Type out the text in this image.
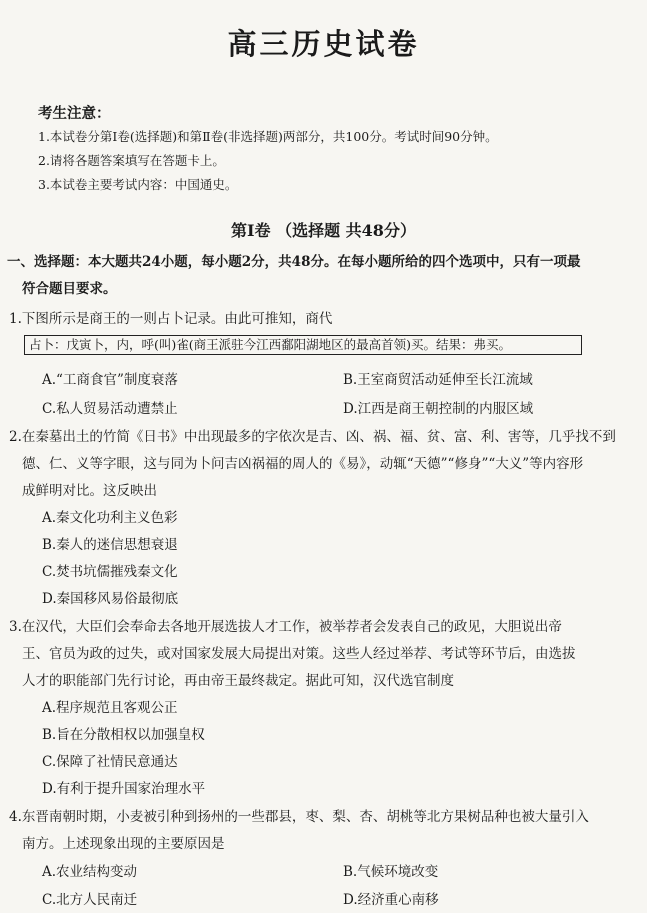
高三历史试卷
考生注意：
1.本试卷分第Ⅰ卷(选择题)和第Ⅱ卷(非选择题)两部分，共100分。考试时间90分钟。
2.请将各题答案填写在答题卡上。
3.本试卷主要考试内容：中国通史。
第Ⅰ卷 （选择题 共48分）
一、选择题：本大题共24小题，每小题2分，共48分。在每小题所给的四个选项中，只有一项最
符合题目要求。
1.下图所示是商王的一则占卜记录。由此可推知，商代
占卜：戊寅卜，内，呼(叫)雀(商王派驻今江西鄱阳湖地区的最高首领)买。结果：弗买。
A.“工商食官”制度衰落	B.王室商贸活动延伸至长江流域
C.私人贸易活动遭禁止	D.江西是商王朝控制的内服区域
2.在秦墓出土的竹简《日书》中出现最多的字依次是吉、凶、祸、福、贫、富、利、害等，几乎找不到
德、仁、义等字眼，这与同为卜问吉凶祸福的周人的《易》，动辄“天德”“修身”“大义”等内容形
成鲜明对比。这反映出
A.秦文化功利主义色彩
B.秦人的迷信思想衰退
C.焚书坑儒摧残秦文化
D.秦国移风易俗最彻底
3.在汉代，大臣们会奉命去各地开展选拔人才工作，被举荐者会发表自己的政见，大胆说出帝
王、官员为政的过失，或对国家发展大局提出对策。这些人经过举荐、考试等环节后，由选拔
人才的职能部门先行讨论，再由帝王最终裁定。据此可知，汉代选官制度
A.程序规范且客观公正
B.旨在分散相权以加强皇权
C.保障了社情民意通达
D.有利于提升国家治理水平
4.东晋南朝时期，小麦被引种到扬州的一些郡县，枣、梨、杏、胡桃等北方果树品种也被大量引入
南方。上述现象出现的主要原因是
A.农业结构变动	B.气候环境改变
C.北方人民南迁	D.经济重心南移
